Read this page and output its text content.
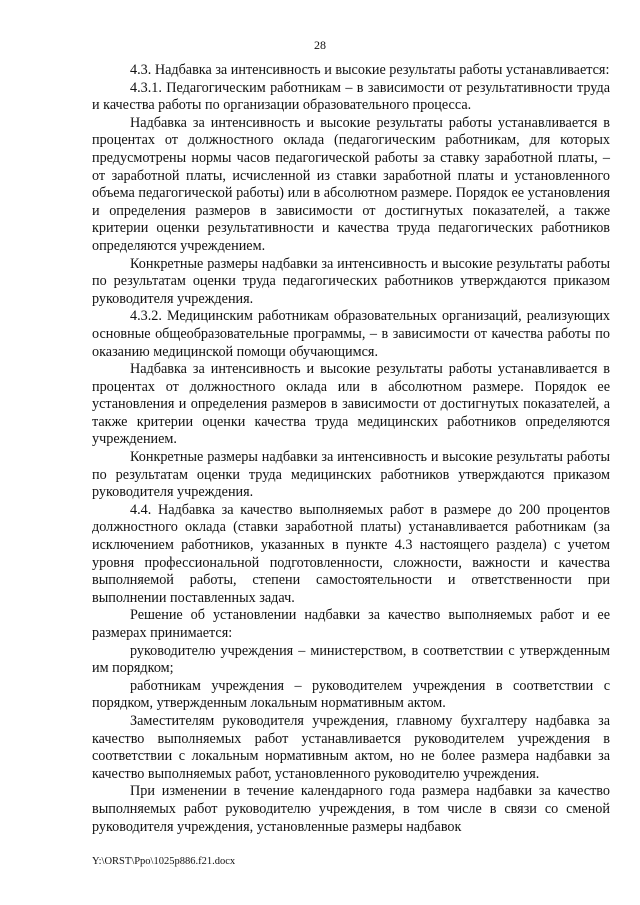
28

4.3. Надбавка за интенсивность и высокие результаты работы устанавливается:

4.3.1. Педагогическим работникам – в зависимости от результативности труда и качества работы по организации образовательного процесса.

Надбавка за интенсивность и высокие результаты работы устанавливается в процентах от должностного оклада (педагогическим работникам, для которых предусмотрены нормы часов педагогической работы за ставку заработной платы, – от заработной платы, исчисленной из ставки заработной платы и установленного объема педагогической работы) или в абсолютном размере. Порядок ее установления и определения размеров в зависимости от достигнутых показателей, а также критерии оценки результативности и качества труда педагогических работников определяются учреждением.

Конкретные размеры надбавки за интенсивность и высокие результаты работы по результатам оценки труда педагогических работников утверждаются приказом руководителя учреждения.

4.3.2. Медицинским работникам образовательных организаций, реализующих основные общеобразовательные программы, – в зависимости от качества работы по оказанию медицинской помощи обучающимся.

Надбавка за интенсивность и высокие результаты работы устанавливается в процентах от должностного оклада или в абсолютном размере. Порядок ее установления и определения размеров в зависимости от достигнутых показателей, а также критерии оценки качества труда медицинских работников определяются учреждением.

Конкретные размеры надбавки за интенсивность и высокие результаты работы по результатам оценки труда медицинских работников утверждаются приказом руководителя учреждения.

4.4. Надбавка за качество выполняемых работ в размере до 200 процентов должностного оклада (ставки заработной платы) устанавливается работникам (за исключением работников, указанных в пункте 4.3 настоящего раздела) с учетом уровня профессиональной подготовленности, сложности, важности и качества выполняемой работы, степени самостоятельности и ответственности при выполнении поставленных задач.

Решение об установлении надбавки за качество выполняемых работ и ее размерах принимается:

руководителю учреждения – министерством, в соответствии с утвержденным им порядком;

работникам учреждения – руководителем учреждения в соответствии с порядком, утвержденным локальным нормативным актом.

Заместителям руководителя учреждения, главному бухгалтеру надбавка за качество выполняемых работ устанавливается руководителем учреждения в соответствии с локальным нормативным актом, но не более размера надбавки за качество выполняемых работ, установленного руководителю учреждения.

При изменении в течение календарного года размера надбавки за качество выполняемых работ руководителю учреждения, в том числе в связи со сменой руководителя учреждения, установленные размеры надбавок

Y:\ORST\Ppo\1025p886.f21.docx
